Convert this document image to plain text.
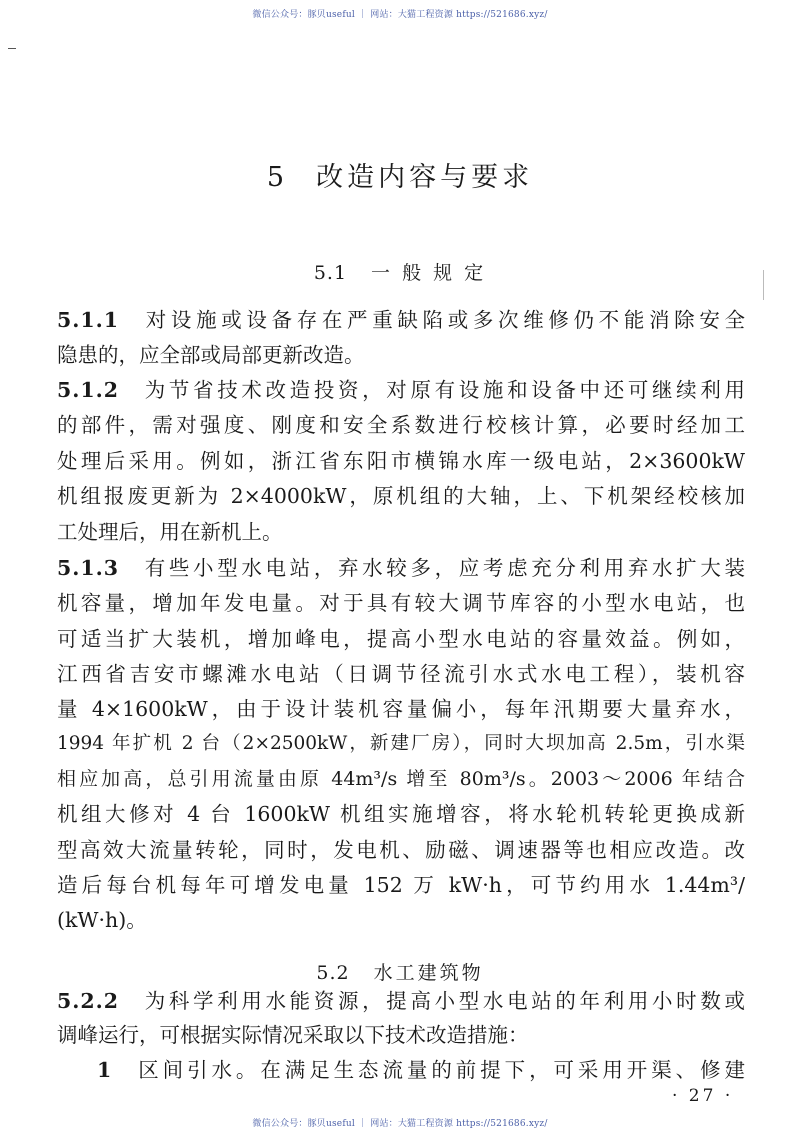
微信公众号：豚贝useful ｜ 网站：大猫工程资源 https://521686.xyz/
5 改造内容与要求
5.1 一 般 规 定
5.1.1 对设施或设备存在严重缺陷或多次维修仍不能消除安全
隐患的，应全部或局部更新改造。
5.1.2 为节省技术改造投资，对原有设施和设备中还可继续利用
的部件，需对强度、刚度和安全系数进行校核计算，必要时经加工
处理后采用。例如，浙江省东阳市横锦水库一级电站，2×3600kW
机组报废更新为 2×4000kW，原机组的大轴，上、下机架经校核加
工处理后，用在新机上。
5.1.3 有些小型水电站，弃水较多，应考虑充分利用弃水扩大装
机容量，增加年发电量。对于具有较大调节库容的小型水电站，也
可适当扩大装机，增加峰电，提高小型水电站的容量效益。例如，
江西省吉安市螺滩水电站（日调节径流引水式水电工程），装机容
量 4×1600kW，由于设计装机容量偏小，每年汛期要大量弃水，
1994 年扩机 2 台（2×2500kW，新建厂房），同时大坝加高 2.5m，引水渠
相应加高，总引用流量由原 44m³/s 增至 80m³/s。2003～2006 年结合
机组大修对 4 台 1600kW 机组实施增容，将水轮机转轮更换成新
型高效大流量转轮，同时，发电机、励磁、调速器等也相应改造。改
造后每台机每年可增发电量 152 万 kW·h，可节约用水 1.44m³/
(kW·h)。
5.2 水工建筑物
5.2.2 为科学利用水能资源，提高小型水电站的年利用小时数或
调峰运行，可根据实际情况采取以下技术改造措施：
1 区间引水。在满足生态流量的前提下，可采用开渠、修建
· 27 ·
微信公众号：豚贝useful ｜ 网站：大猫工程资源 https://521686.xyz/
